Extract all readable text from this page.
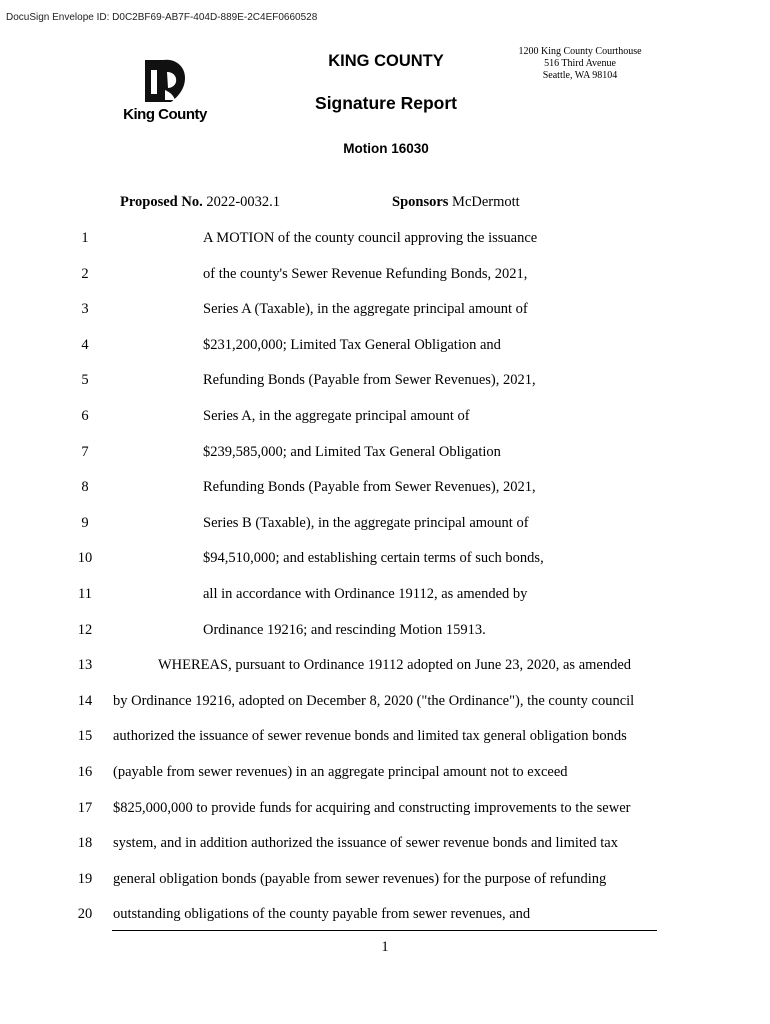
DocuSign Envelope ID: D0C2BF69-AB7F-404D-889E-2C4EF0660528
King County
KING COUNTY
Signature Report
1200 King County Courthouse
516 Third Avenue
Seattle, WA 98104
Motion 16030
Proposed No. 2022-0032.1	Sponsors McDermott
1	A MOTION of the county council approving the issuance
2	of the county's Sewer Revenue Refunding Bonds, 2021,
3	Series A (Taxable), in the aggregate principal amount of
4	$231,200,000; Limited Tax General Obligation and
5	Refunding Bonds (Payable from Sewer Revenues), 2021,
6	Series A, in the aggregate principal amount of
7	$239,585,000; and Limited Tax General Obligation
8	Refunding Bonds (Payable from Sewer Revenues), 2021,
9	Series B (Taxable), in the aggregate principal amount of
10	$94,510,000; and establishing certain terms of such bonds,
11	all in accordance with Ordinance 19112, as amended by
12	Ordinance 19216; and rescinding Motion 15913.
13	WHEREAS, pursuant to Ordinance 19112 adopted on June 23, 2020, as amended
14	by Ordinance 19216, adopted on December 8, 2020 ("the Ordinance"), the county council
15	authorized the issuance of sewer revenue bonds and limited tax general obligation bonds
16	(payable from sewer revenues) in an aggregate principal amount not to exceed
17	$825,000,000 to provide funds for acquiring and constructing improvements to the sewer
18	system, and in addition authorized the issuance of sewer revenue bonds and limited tax
19	general obligation bonds (payable from sewer revenues) for the purpose of refunding
20	outstanding obligations of the county payable from sewer revenues, and
1
